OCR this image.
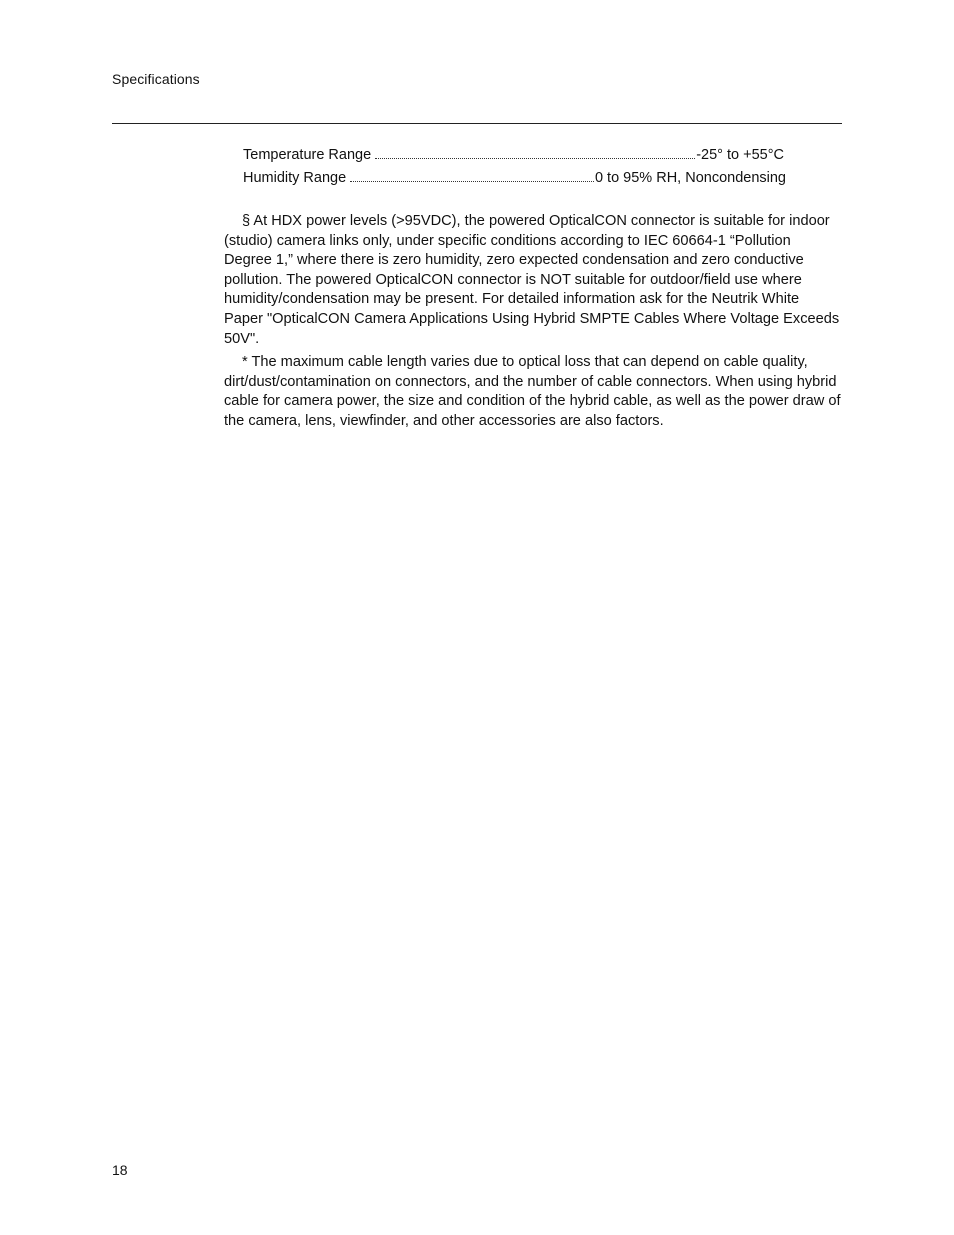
Specifications
Temperature Range	-25° to +55°C
Humidity Range	0 to 95% RH, Noncondensing

§ At HDX power levels (>95VDC), the powered OpticalCON connector is suitable for indoor (studio) camera links only, under specific conditions according to IEC 60664-1 “Pollution Degree 1,” where there is zero humidity, zero expected condensation and zero conductive pollution. The powered OpticalCON connector is NOT suitable for outdoor/field use where humidity/condensation may be present. For detailed information ask for the Neutrik White Paper "OpticalCON Camera Applications Using Hybrid SMPTE Cables Where Voltage Exceeds 50V".

* The maximum cable length varies due to optical loss that can depend on cable quality, dirt/dust/contamination on connectors, and the number of cable connectors. When using hybrid cable for camera power, the size and condition of the hybrid cable, as well as the power draw of the camera, lens, viewfinder, and other accessories are also factors.

18
